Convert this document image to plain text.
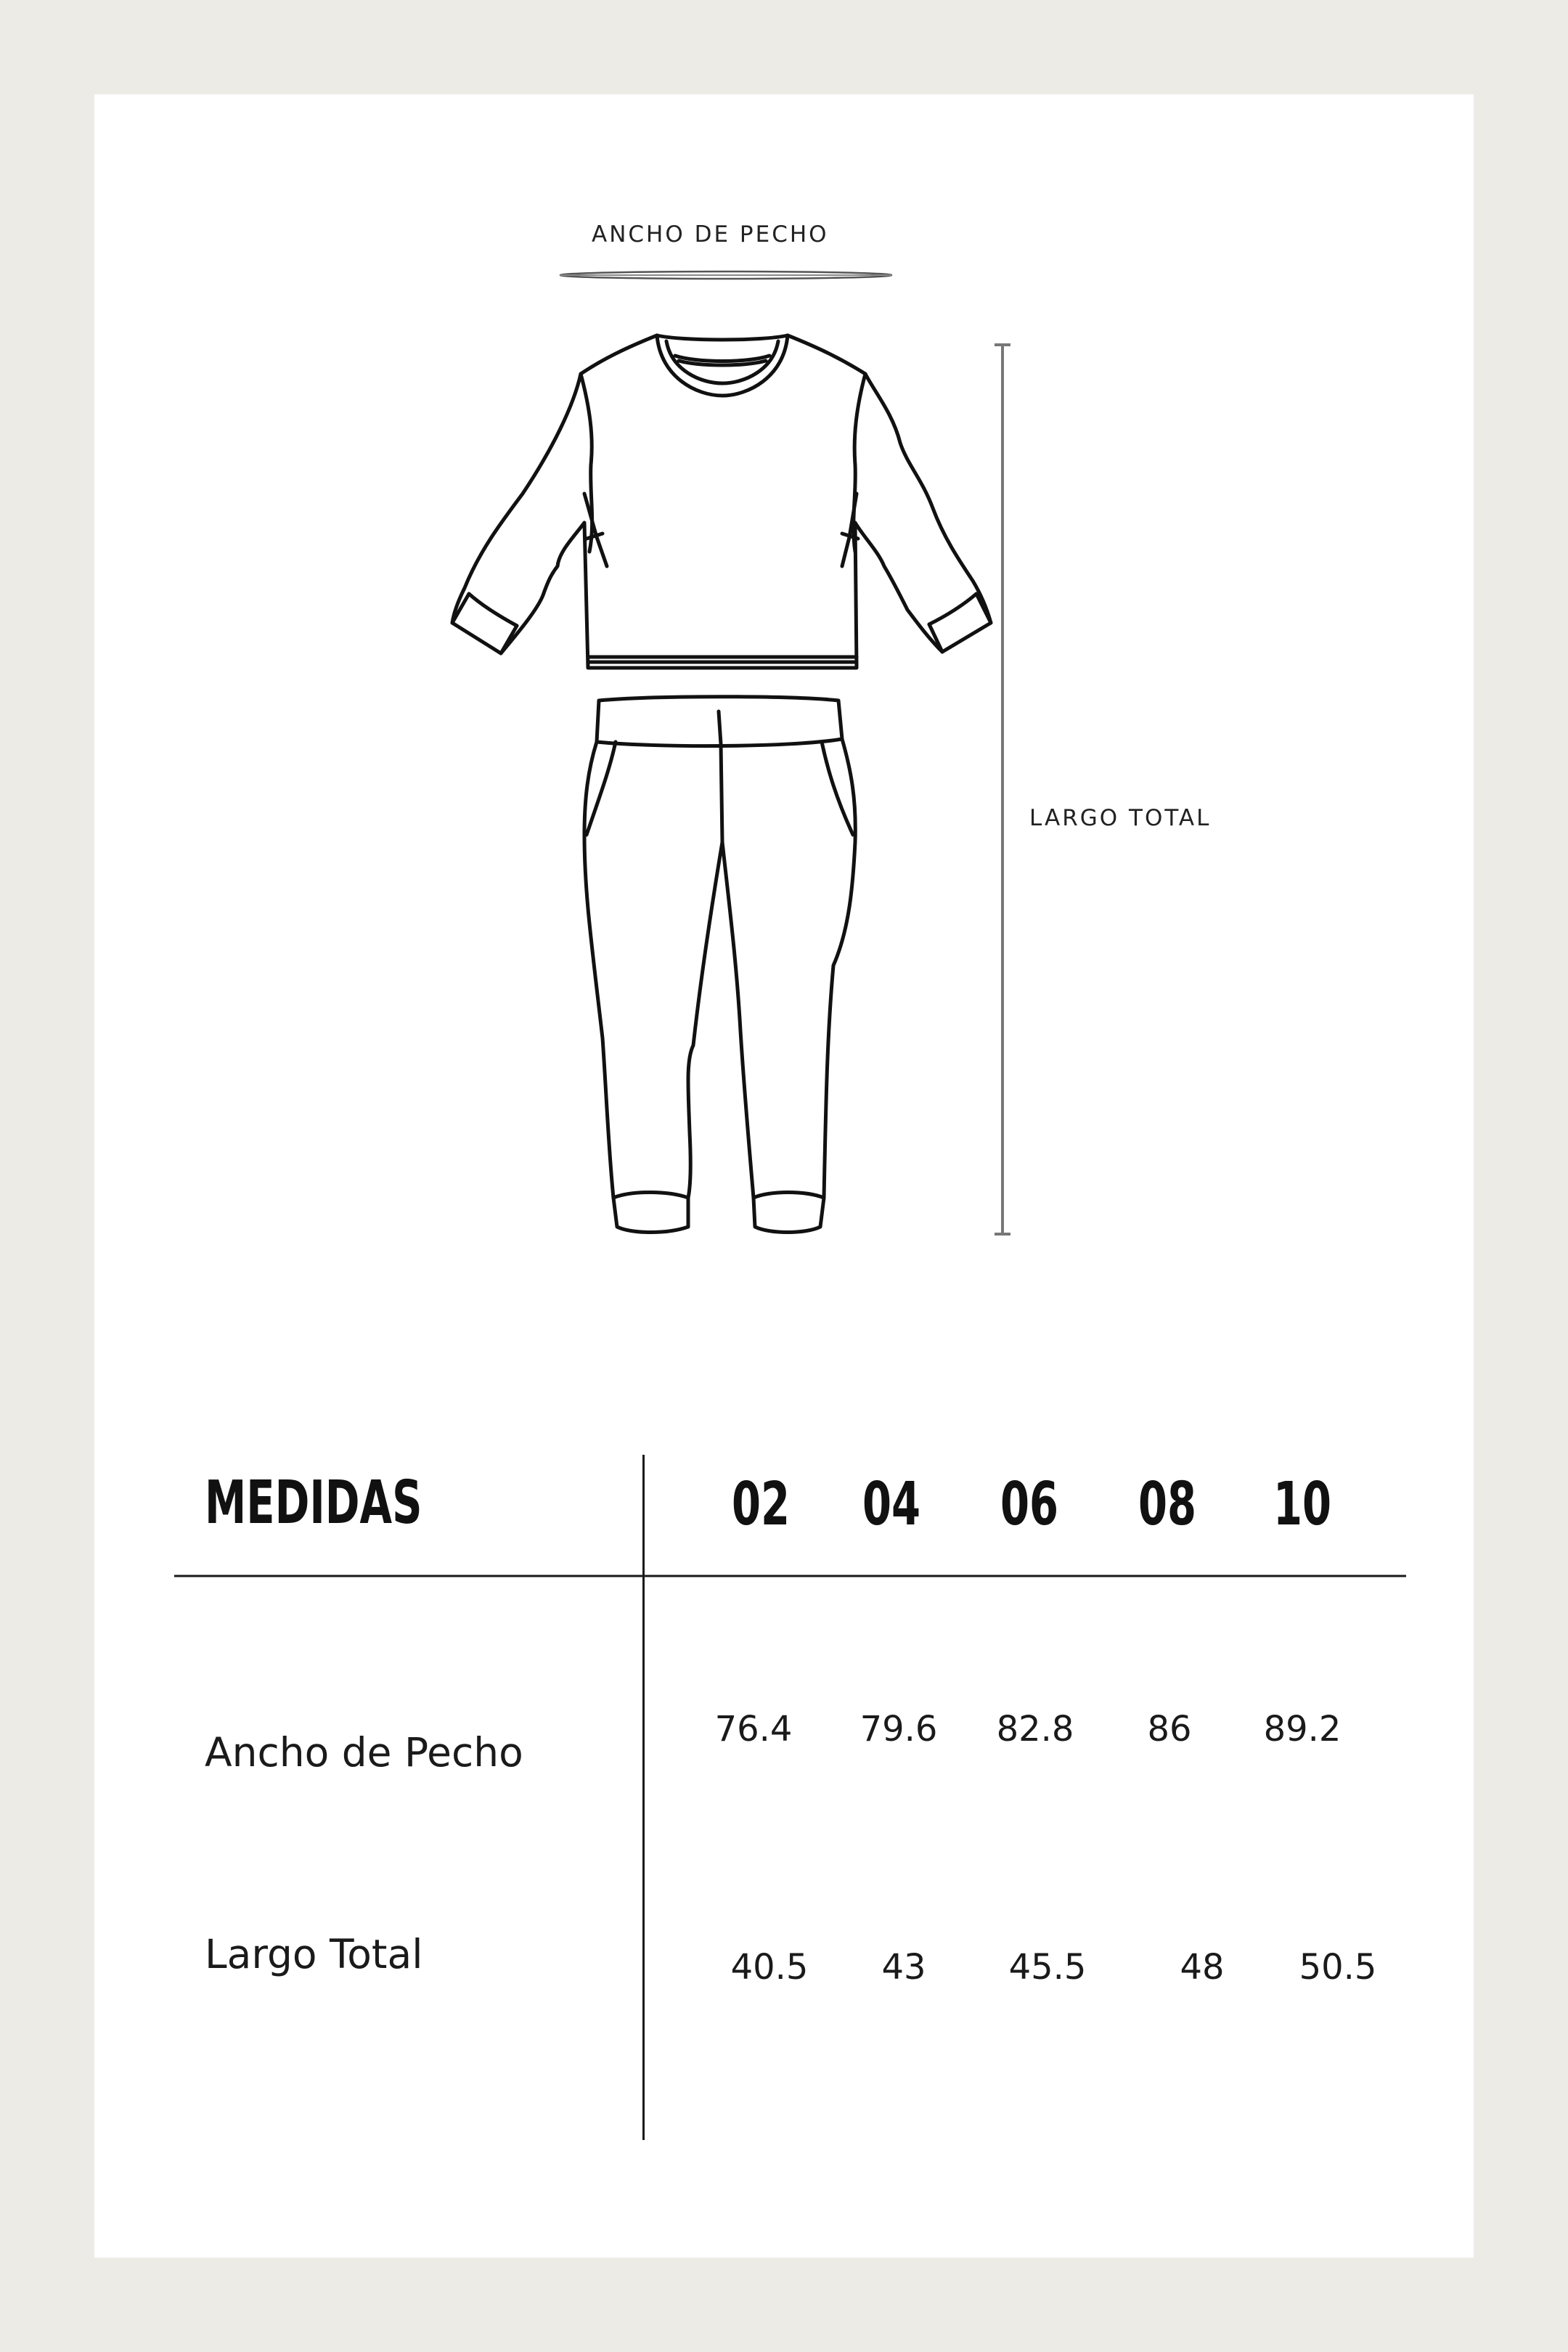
ANCHO DE PECHO
LARGO TOTAL
MEDIDAS	02 04 06 08 10
Ancho de Pecho	76.4 79.6 82.8 86 89.2
Largo Total	40.5 43 45.5	48 50.5
